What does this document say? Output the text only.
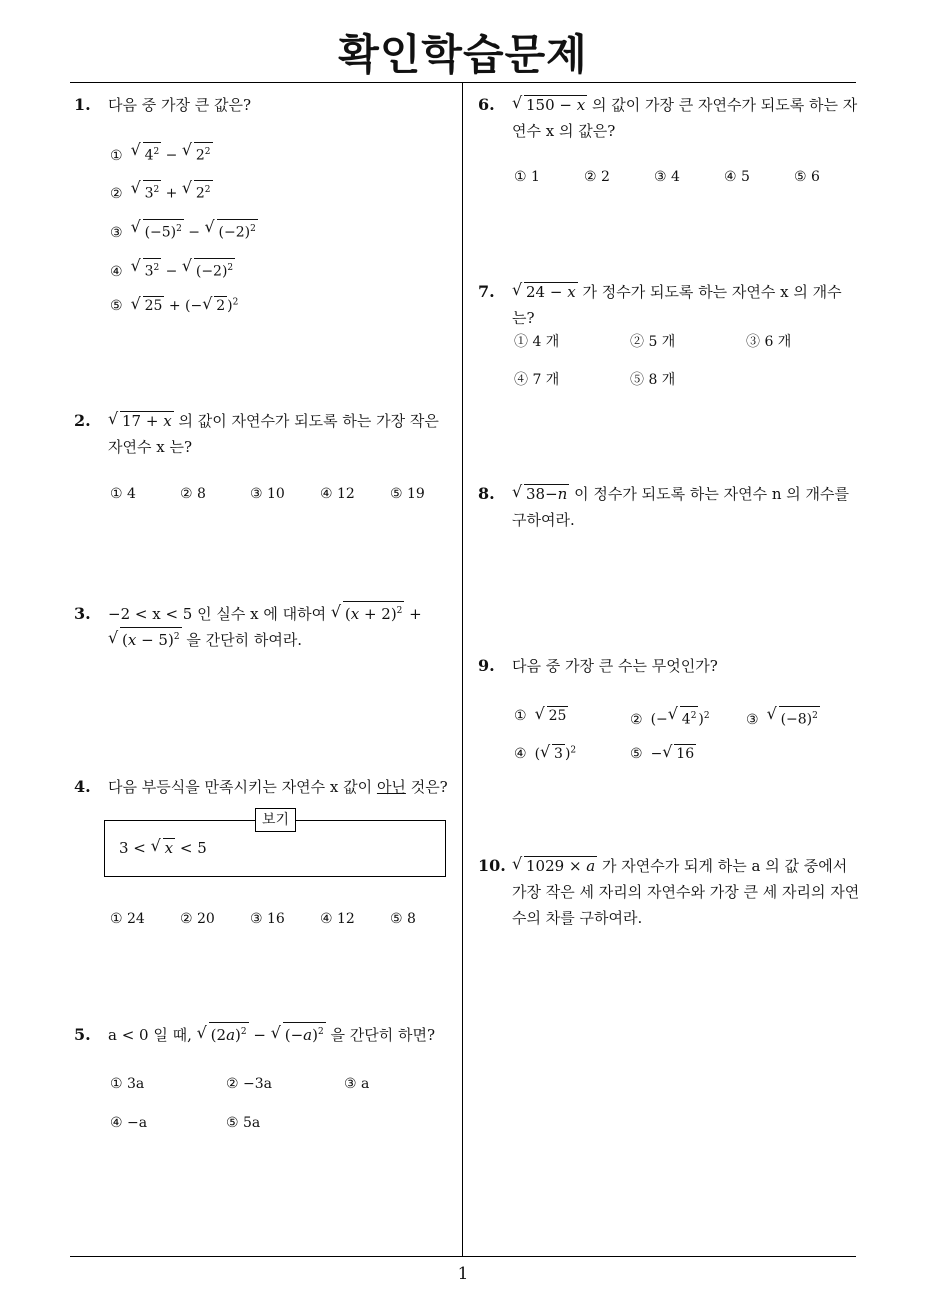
확인학습문제
1
1. 다음 중 가장 큰 값은?
① √ $4^2$ − √ $2^2$
② √ $3^2$ + √ $2^2$
③ √ $(-5)^2$ − √ $(-2)^2$
④ √ $3^2$ − √ $(-2)^2$
⑤ √ 25 + (− √ 2 )$^2$
2.	√ 17 + x 의 값이 자연수가 되도록 하는 가장 작은 자연수 x 는?
① 4	② 8	③ 10	④ 12	⑤ 19
3. −2 < x < 5 인 실수 x 에 대하여 √ $(x + 2)^2$ + √ $(x - 5)^2$ 을 간단히 하여라.
4. 다음 부등식을 만족시키는 자연수 x 값이 아닌 것은?
보기
3 < √ x < 5
① 24	② 20	③ 16	④ 12	⑤ 8
5. a < 0 일 때, √ $(2a)^2$ − √ $(-a)^2$ 을 간단히 하면?
① 3a	② −3a	③ a
④ −a	⑤ 5a
6.	√ 150 − x 의 값이 가장 큰 자연수가 되도록 하는 자연수 x 의 값은?
① 1	② 2	③ 4	④ 5	⑤ 6
7.	√ 24 − x 가 정수가 되도록 하는 자연수 x 의 개수는?
① 4 개	② 5 개	③ 6 개
④ 7 개	⑤ 8 개
8.	√ 38−n 이 정수가 되도록 하는 자연수 n 의 개수를 구하여라.
9. 다음 중 가장 큰 수는 무엇인가?
① √ 25	② (− √ $4^2$ )$^2$	③ √ $(-8)^2$
④ ( √ 3 )$^2$	⑤ − √ 16
10.	√ 1029 × a 가 자연수가 되게 하는 a 의 값 중에서 가장 작은 세 자리의 자연수와 가장 큰 세 자리의 자연수의 차를 구하여라.
